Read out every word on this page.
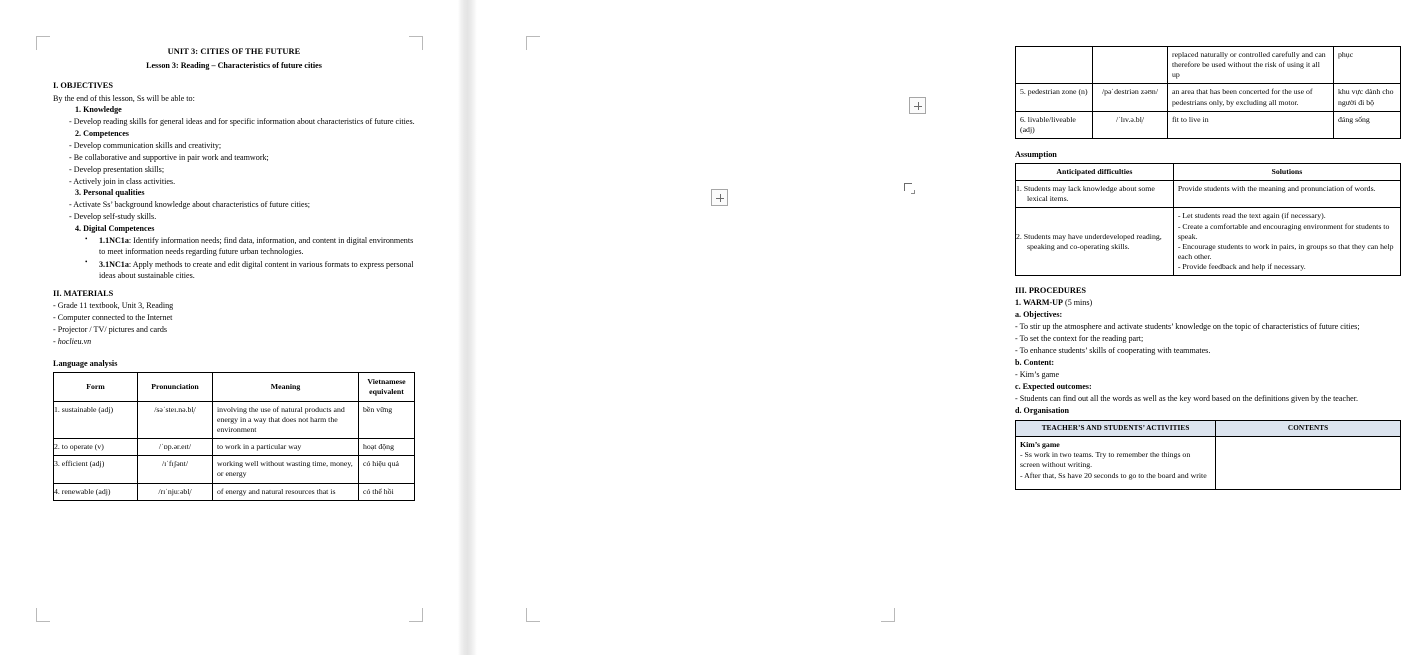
UNIT 3: CITIES OF THE FUTURE
Lesson 3: Reading – Characteristics of future cities
I. OBJECTIVES
By the end of this lesson, Ss will be able to:
1. Knowledge
- Develop reading skills for general ideas and for specific information about characteristics of future cities.
2. Competences
- Develop communication skills and creativity;
- Be collaborative and supportive in pair work and teamwork;
- Develop presentation skills;
- Actively join in class activities.
3. Personal qualities
- Activate Ss’ background knowledge about characteristics of future cities;
- Develop self-study skills.
4. Digital Competences
• 1.1NC1a: Identify information needs; find data, information, and content in digital environments to meet information needs regarding future urban technologies.
• 3.1NC1a: Apply methods to create and edit digital content in various formats to express personal ideas about sustainable cities.
II. MATERIALS
- Grade 11 textbook, Unit 3, Reading
- Computer connected to the Internet
- Projector / TV/ pictures and cards
- hoclieu.vn
Language analysis
Form	Pronunciation	Meaning	Vietnamese
equivalent
1. sustainable (adj)	/səˈsteɪ.nə.bl̩/	involving the use of natural products and energy in a way that does not harm the environment	bền vững
2. to operate (v)	/ˈɒp.ər.eɪt/	to work in a particular way	hoạt động
3. efficient (adj)	/ɪˈfɪʃənt/	working well without wasting time, money, or energy	có hiệu quả
4. renewable (adj)	/rɪˈnjuːəbl̩/	of energy and natural resources that is	có thể hồi
		replaced naturally or controlled carefully and can therefore be used without the risk of using it all up	phục
5. pedestrian zone (n)	/pəˈdestriən zəʊn/	an area that has been concerted for the use of pedestrians only, by excluding all motor.	khu vực dành cho người đi bộ
6. livable/liveable (adj)	/ˈlɪv.ə.bl̩/	fit to live in	đáng sống
Assumption
Anticipated difficulties	Solutions
1. Students may lack knowledge about some lexical items.	Provide students with the meaning and pronunciation of words.

2. Students may have underdeveloped reading, speaking and co-operating skills.	- Let students read the text again (if necessary).
- Create a comfortable and encouraging environment for students to speak.
- Encourage students to work in pairs, in groups so that they can help each other.
- Provide feedback and help if necessary.
III. PROCEDURES
1. WARM-UP (5 mins)
a. Objectives:
- To stir up the atmosphere and activate students’ knowledge on the topic of characteristics of future cities;
- To set the context for the reading part;
- To enhance students’ skills of cooperating with teammates.
b. Content:
- Kim’s game
c. Expected outcomes:
- Students can find out all the words as well as the key word based on the definitions given by the teacher.
d. Organisation
TEACHER’S AND STUDENTS’ ACTIVITIES	CONTENTS

Kim’s game
- Ss work in two teams. Try to remember the things on screen without writing.
- After that, Ss have 20 seconds to go to the board and write	
